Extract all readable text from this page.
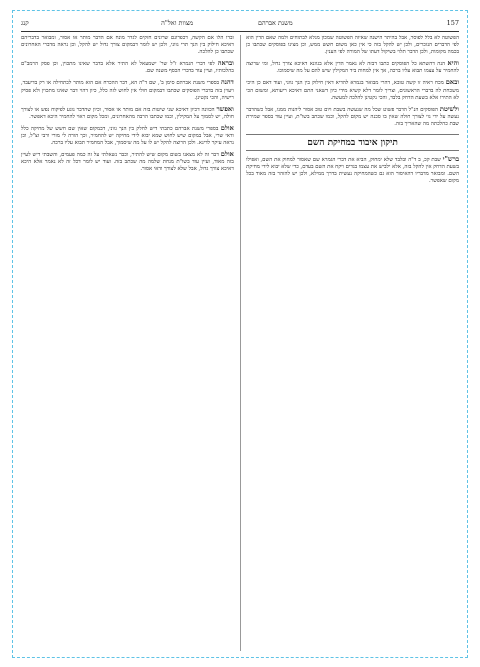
157
משנת אברהם
מצוות ואל"ה
קנג

הפשוטה לא בלל לפוסר, אבל בהיתר הישנה שאיזה הפשוטה שמכון מגלא לבתוחים ולמה שאם הדין הוא לפי הדברים הנזכרים, ולכן יש להקל בזה כי אין כאן משום חשש ממש, וכן מצינו בפוסקים שכתבו כן בכמה מקומות, ולכן הדבר תלוי בשיקול דעתו של המורה לפי הענין.

והיא הנה דהשתא כל הפוסקים כתבו דבזה לא נאמר הדין אלא בגוונא דאיכא צורך גדול, ומי שרוצה להחמיר על עצמו תבוא עליו ברכה, אך אין למחות ביד המקילין שיש להם על מה שיסמוכו.

ובאם מכח ראיה זו קשה טובא, דהרי מבואר בגמרא להדיא דאין חילוק בין הנך גווני, ועוד דאם כן היכי משכחת לה בדברי הראשונים, וצריך לומר דלא קשיא מידי כיון דשאני התם דאיכא ריעותא, ומשום הכי לא התירו אלא בשעת הדחק בלבד, והכי נקטינן להלכה למעשה.

ולשיטת הפוסקים הנ"ל הדבר פשוט שכל מה שנעשה בשבת ויום טוב אסור ליהנות ממנו, אבל כשהדבר נעשה על ידי גוי לצורך חולה שאין בו סכנה יש מקום להקל, וכמו שכתב בשו"ת, ועיין עוד בספר שמירת שבת כהלכתה מה שהאריך בזה.

תיקון איבוד במחיקת השם

ברש"י שבת קכ, ב ד"ה ובלבד שלא ימחוק, הביא את דברי הגמרא שם שאסור למחוק את השם, ואפילו בשעת הדחק אין להקל בזה, אלא ילביש את עצמו בגדים ויקח את השם בעדם, כדי שלא יבוא לידי מחיקת השם. ומבואר מדבריו דהאיסור הוא גם כשהמחיקה נעשית בדרך ממילא, ולכן יש להזהר בזה מאוד בכל מקום שאפשר.

ובדו הלו אם הקשה, דכפרונם שרונים חזקים לגדר מונח אם הדבר מותר או אסור, ומבואר בדבריהם דאיכא חילוק בין הנך תרי גווני, ולכן יש לומר דבמקום צורך גדול יש להקל, וכן נראה מדברי האחרונים שכתבו כן להלכה.

ובראה לפי דברי הגמרא ז"ל שר' ישמעאל לא התיר אלא בדבר שאינו מתכוין, וכן פסק הרמב"ם בהלכותיו, ועיין עוד בדברי הכסף משנה שם.

דהנה בספרי משנת אברהם סימן ב', שם ד"ה הא, דבר ההכרח אם הוא מותר לכתחילה או רק בדיעבד, ויעוין בזה בדברי הפוסקים שכתבו דבמקום חולי אין לחוש לזה כלל, כיון דהוי דבר שאינו מתכוין ולא פסיק רישיה, והכי נקטינן.

ואפשר הכוונה דכיון דאיכא שני שיטות בזה אם מותר או אסור, וכיון שהדבר נוגע לפיקוח נפש או לצורך חולה, יש לסמוך על המקילין, וכמו שכתבו הרבה מהאחרונים, ומכל מקום ראוי להחמיר היכא דאפשר.

אולם בספרי משנת אברהם כתבתי דיש לחלק בין הנך גווני, דבמקום שאין שם חשש של מחיקה כלל ודאי שרי, אבל במקום שיש לחוש שמא יבוא לידי מחיקה יש להחמיר, וכך הורה לי מורי ורבי זצ"ל, וכן נראה עיקר לדינא. ולכן הרוצה להקל יש לו על מה שיסמוך, אבל המחמיר תבוא עליו ברכה.

אולם דבר זה לא מצאנו בשום מקום שיש להתיר, וכבר נשאלתי על זה כמה פעמים, והשבתי דיש לעיין בזה מאוד, ועיין עוד בשו"ת מנחת שלמה מה שכתב בזה. ועוד יש לומר דכל זה לא נאמר אלא היכא דאיכא צורך גדול, אבל שלא לצורך ודאי אסור.
